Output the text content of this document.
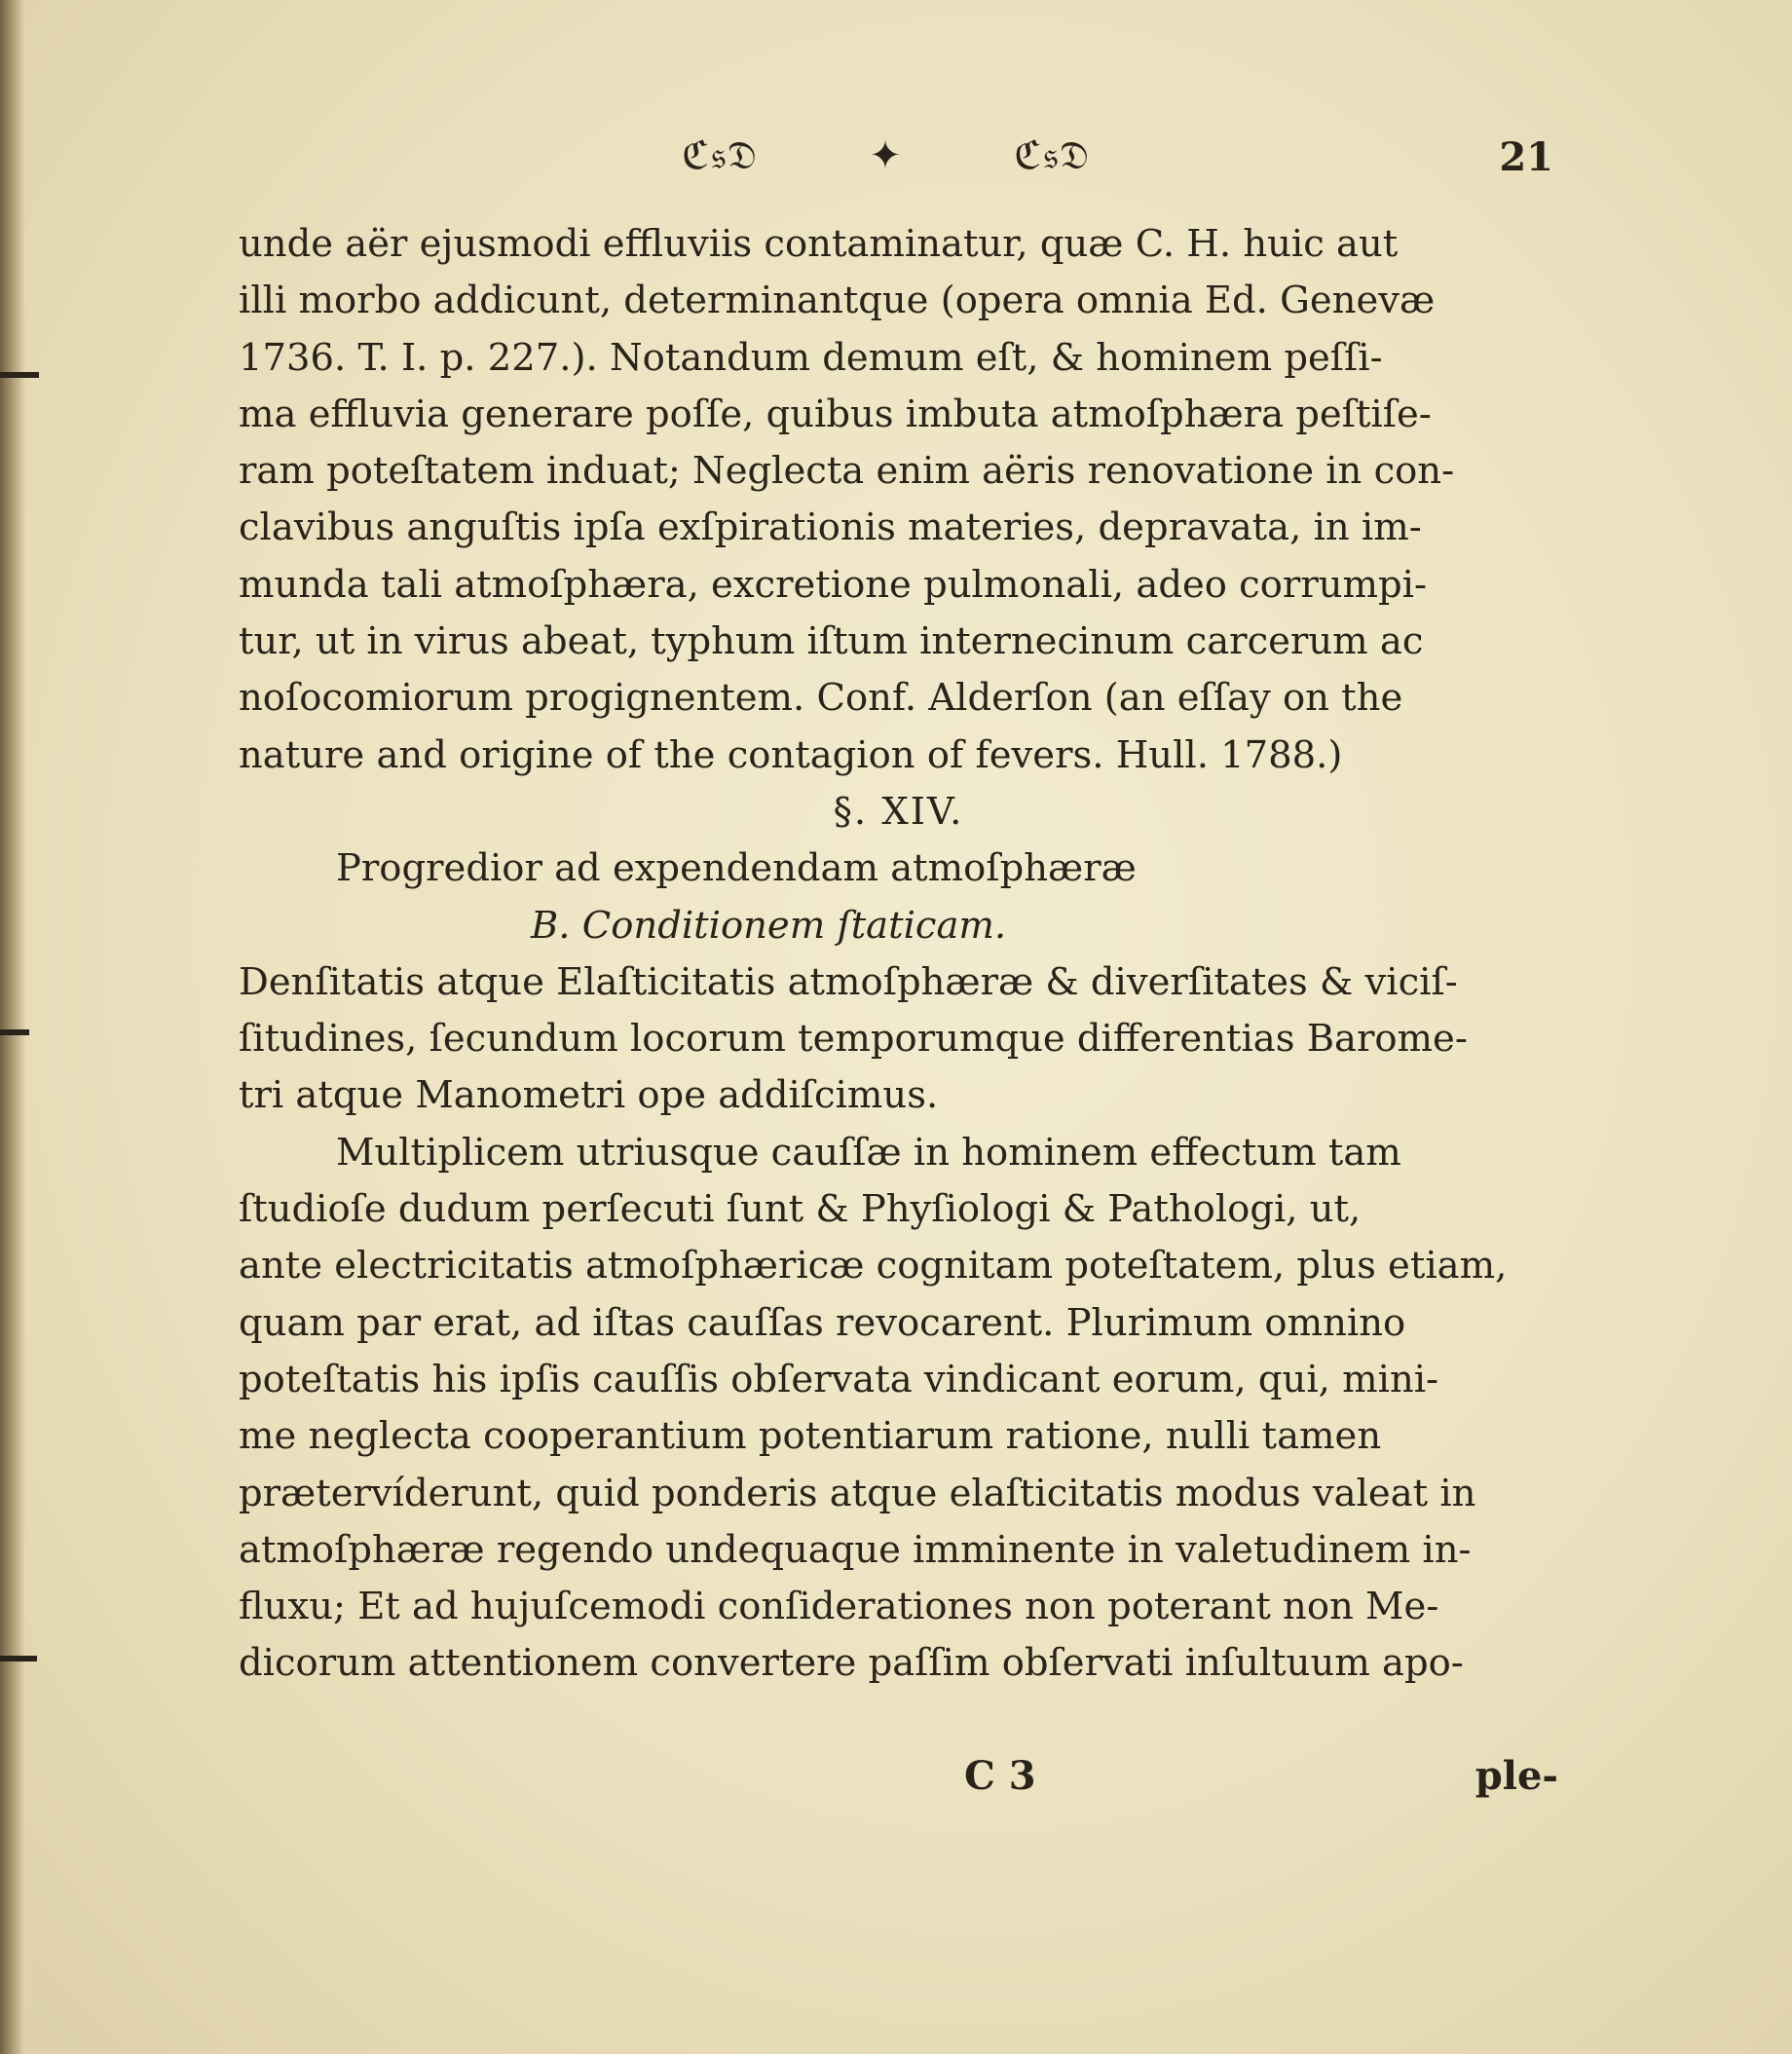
ℭ𝔰𝔇	✦	ℭ𝔰𝔇	21
unde aër ejusmodi effluviis contaminatur, quæ C. H. huic aut
illi morbo addicunt, determinantque (opera omnia Ed. Genevæ
1736. T. I. p. 227.). Notandum demum eſt, & hominem peſſi-
ma effluvia generare poſſe, quibus imbuta atmoſphæra peſtiſe-
ram poteſtatem induat; Neglecta enim aëris renovatione in con-
clavibus anguſtis ipſa exſpirationis materies, depravata, in im-
munda tali atmoſphæra, excretione pulmonali, adeo corrumpi-
tur, ut in virus abeat, typhum iſtum internecinum carcerum ac
noſocomiorum progignentem. Conf. Alderſon (an eſſay on the
nature and origine of the contagion of fevers. Hull. 1788.)
§. XIV.
Progredior ad expendendam atmoſphæræ
B. Conditionem ſtaticam.
Denſitatis atque Elaſticitatis atmoſphæræ & diverſitates & viciſ-
ſitudines, ſecundum locorum temporumque differentias Barome-
tri atque Manometri ope addiſcimus.
Multiplicem utriusque cauſſæ in hominem effectum tam
ſtudioſe dudum perſecuti ſunt & Phyſiologi & Pathologi, ut,
ante electricitatis atmoſphæricæ cognitam poteſtatem, plus etiam,
quam par erat, ad iſtas cauſſas revocarent. Plurimum omnino
poteſtatis his ipſis cauſſis obſervata vindicant eorum, qui, mini-
me neglecta cooperantium potentiarum ratione, nulli tamen
prætervíderunt, quid ponderis atque elaſticitatis modus valeat in
atmoſphæræ regendo undequaque imminente in valetudinem in-
fluxu; Et ad hujuſcemodi conſiderationes non poterant non Me-
dicorum attentionem convertere paſſim obſervati inſultuum apo-
C 3	ple-
